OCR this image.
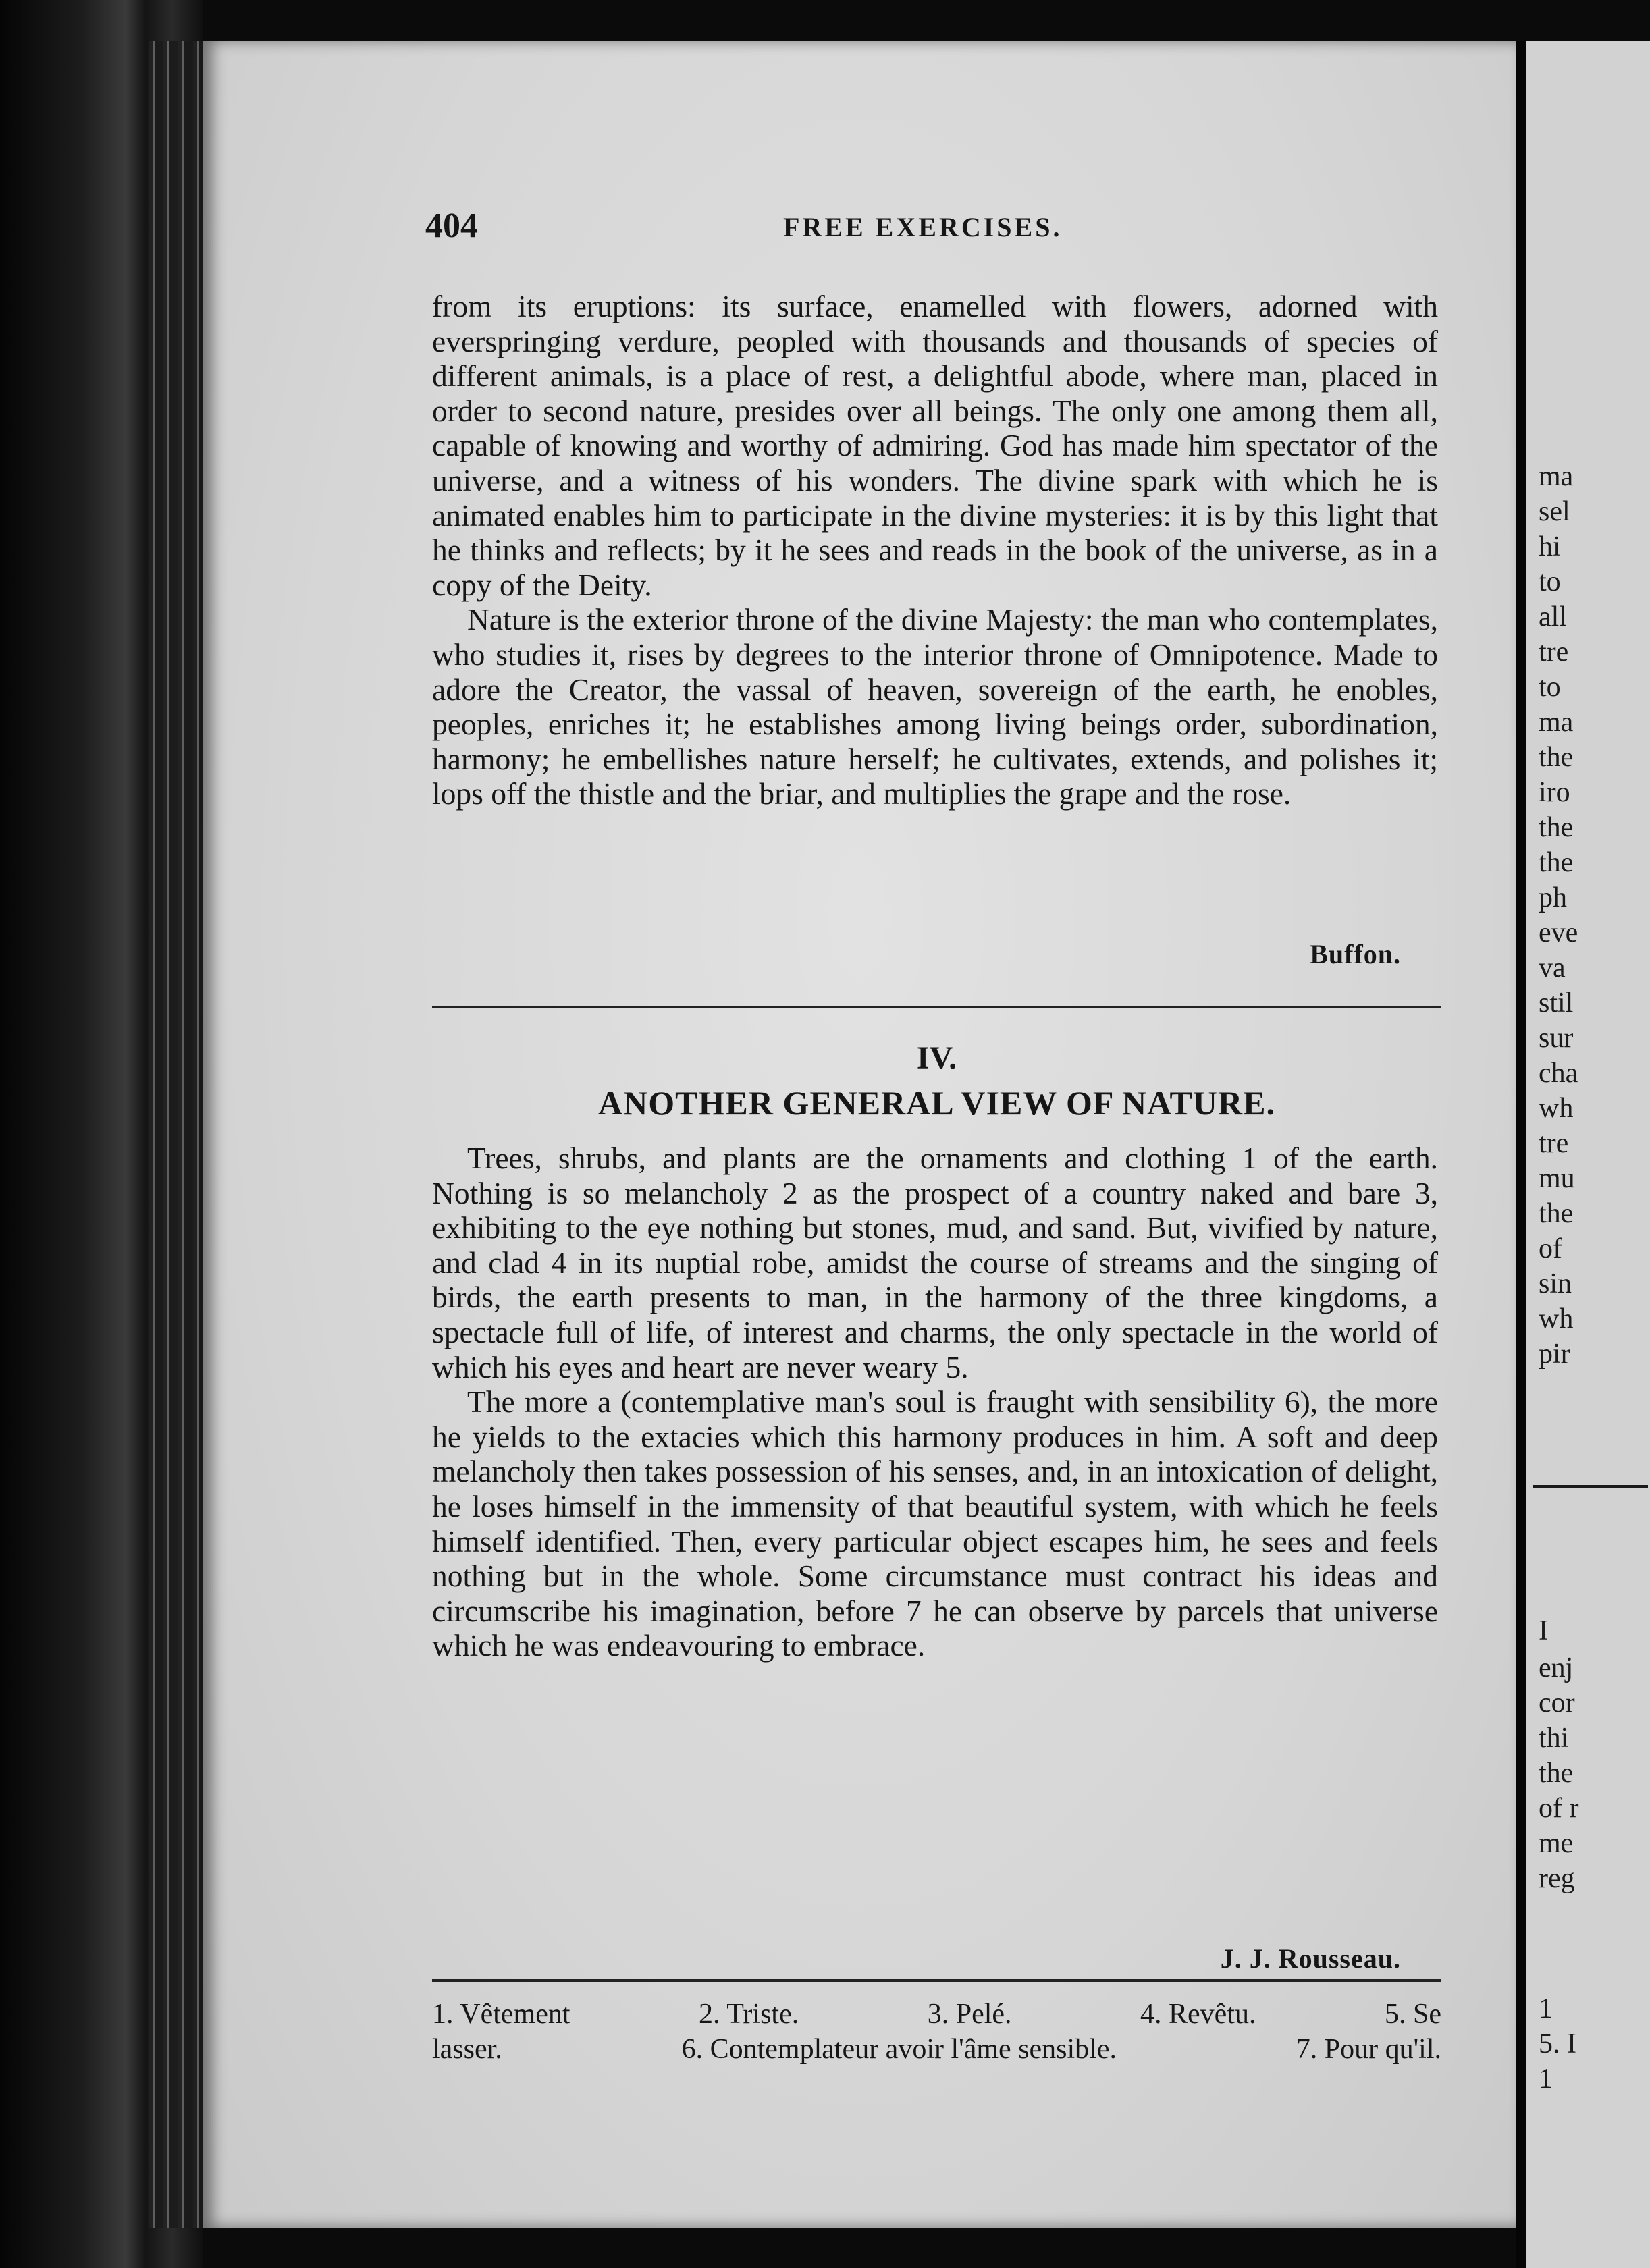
ma
sel
hi
to
all
tre
to
ma
the
iro
the
the
ph
eve
va
stil
sur
cha
wh
tre
mu
the
of
sin
wh
pir
I
enj
cor
thi
the
of r
me
reg
1
5. I
1
404	FREE EXERCISES.

from its eruptions: its surface, enamelled with flowers, adorned with everspringing verdure, peopled with thousands and thousands of species of different animals, is a place of rest, a delightful abode, where man, placed in order to second nature, presides over all beings. The only one among them all, capable of knowing and worthy of admiring. God has made him spectator of the universe, and a witness of his wonders. The divine spark with which he is animated enables him to participate in the divine mysteries: it is by this light that he thinks and reflects; by it he sees and reads in the book of the universe, as in a copy of the Deity.

Nature is the exterior throne of the divine Majesty: the man who contemplates, who studies it, rises by degrees to the interior throne of Omnipotence. Made to adore the Creator, the vassal of heaven, sovereign of the earth, he enobles, peoples, enriches it; he establishes among living beings order, subordination, harmony; he embellishes nature herself; he cultivates, extends, and polishes it; lops off the thistle and the briar, and multiplies the grape and the rose.

Buffon.
IV.
ANOTHER GENERAL VIEW OF NATURE.

Trees, shrubs, and plants are the ornaments and clothing 1 of the earth. Nothing is so melancholy 2 as the prospect of a country naked and bare 3, exhibiting to the eye nothing but stones, mud, and sand. But, vivified by nature, and clad 4 in its nuptial robe, amidst the course of streams and the singing of birds, the earth presents to man, in the harmony of the three kingdoms, a spectacle full of life, of interest and charms, the only spectacle in the world of which his eyes and heart are never weary 5.

The more a (contemplative man's soul is fraught with sensibility 6), the more he yields to the extacies which this harmony produces in him. A soft and deep melancholy then takes possession of his senses, and, in an intoxication of delight, he loses himself in the immensity of that beautiful system, with which he feels himself identified. Then, every particular object escapes him, he sees and feels nothing but in the whole. Some circumstance must contract his ideas and circumscribe his imagination, before 7 he can observe by parcels that universe which he was endeavouring to embrace.

J. J. Rousseau.
1. Vêtement	2. Triste.	3. Pelé.	4. Revêtu.	5. Se
lasser.	6. Contemplateur avoir l'âme sensible.	7. Pour qu'il.
